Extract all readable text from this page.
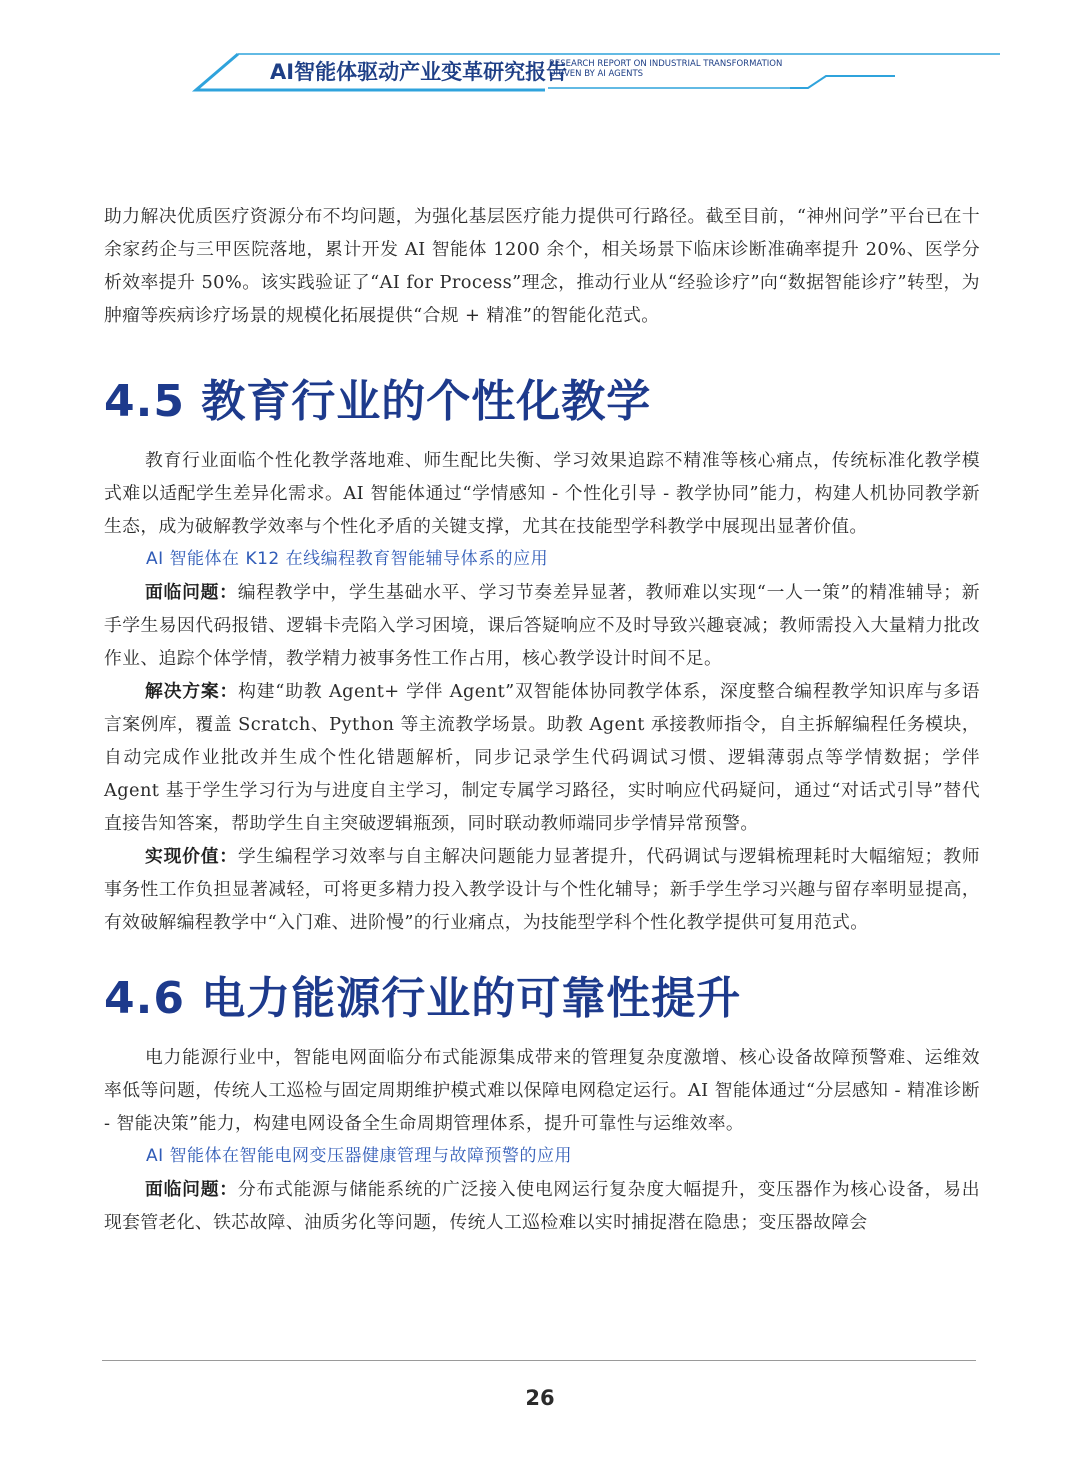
AI智能体驱动产业变革研究报告
RESEARCH REPORT ON INDUSTRIAL TRANSFORMATION
DRIVEN BY AI AGENTS

助力解决优质医疗资源分布不均问题，为强化基层医疗能力提供可行路径。截至目前，“神州问学”平台已在十余家药企与三甲医院落地，累计开发 AI 智能体 1200 余个，相关场景下临床诊断准确率提升 20%、医学分析效率提升 50%。该实践验证了“AI for Process”理念，推动行业从“经验诊疗”向“数据智能诊疗”转型，为肿瘤等疾病诊疗场景的规模化拓展提供“合规 + 精准”的智能化范式。

4.5 教育行业的个性化教学

教育行业面临个性化教学落地难、师生配比失衡、学习效果追踪不精准等核心痛点，传统标准化教学模式难以适配学生差异化需求。AI 智能体通过“学情感知 - 个性化引导 - 教学协同”能力，构建人机协同教学新生态，成为破解教学效率与个性化矛盾的关键支撑，尤其在技能型学科教学中展现出显著价值。

AI 智能体在 K12 在线编程教育智能辅导体系的应用

面临问题：编程教学中，学生基础水平、学习节奏差异显著，教师难以实现“一人一策”的精准辅导；新手学生易因代码报错、逻辑卡壳陷入学习困境，课后答疑响应不及时导致兴趣衰减；教师需投入大量精力批改作业、追踪个体学情，教学精力被事务性工作占用，核心教学设计时间不足。

解决方案：构建“助教 Agent+ 学伴 Agent”双智能体协同教学体系，深度整合编程教学知识库与多语言案例库，覆盖 Scratch、Python 等主流教学场景。助教 Agent 承接教师指令，自主拆解编程任务模块，自动完成作业批改并生成个性化错题解析，同步记录学生代码调试习惯、逻辑薄弱点等学情数据；学伴 Agent 基于学生学习行为与进度自主学习，制定专属学习路径，实时响应代码疑问，通过“对话式引导”替代直接告知答案，帮助学生自主突破逻辑瓶颈，同时联动教师端同步学情异常预警。

实现价值：学生编程学习效率与自主解决问题能力显著提升，代码调试与逻辑梳理耗时大幅缩短；教师事务性工作负担显著减轻，可将更多精力投入教学设计与个性化辅导；新手学生学习兴趣与留存率明显提高，有效破解编程教学中“入门难、进阶慢”的行业痛点，为技能型学科个性化教学提供可复用范式。

4.6 电力能源行业的可靠性提升

电力能源行业中，智能电网面临分布式能源集成带来的管理复杂度激增、核心设备故障预警难、运维效率低等问题，传统人工巡检与固定周期维护模式难以保障电网稳定运行。AI 智能体通过“分层感知 - 精准诊断 - 智能决策”能力，构建电网设备全生命周期管理体系，提升可靠性与运维效率。

AI 智能体在智能电网变压器健康管理与故障预警的应用

面临问题：分布式能源与储能系统的广泛接入使电网运行复杂度大幅提升，变压器作为核心设备，易出现套管老化、铁芯故障、油质劣化等问题，传统人工巡检难以实时捕捉潜在隐患；变压器故障会

26
